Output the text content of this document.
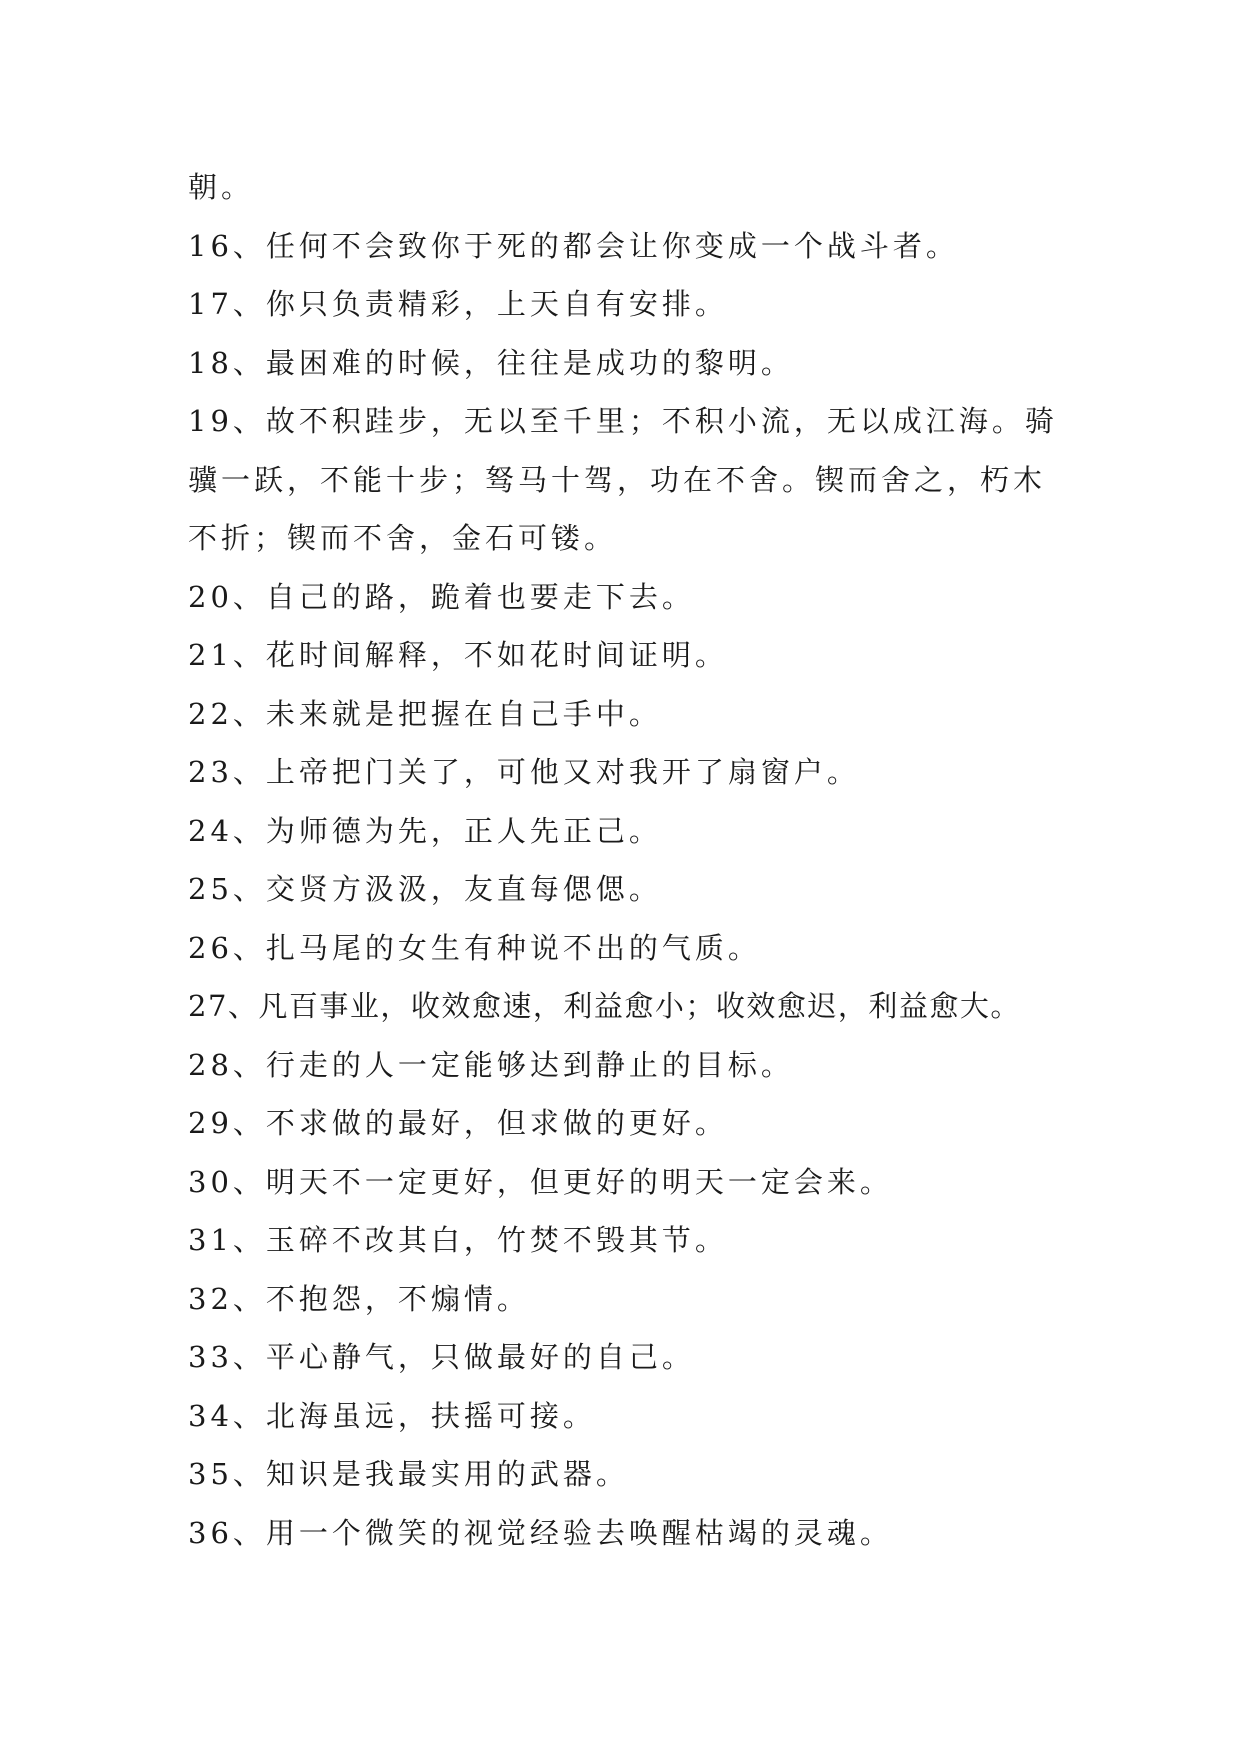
朝。
16、任何不会致你于死的都会让你变成一个战斗者。
17、你只负责精彩，上天自有安排。
18、最困难的时候，往往是成功的黎明。
19、故不积跬步，无以至千里；不积小流，无以成江海。骑
骥一跃，不能十步；驽马十驾，功在不舍。锲而舍之，朽木
不折；锲而不舍，金石可镂。
20、自己的路，跪着也要走下去。
21、花时间解释，不如花时间证明。
22、未来就是把握在自己手中。
23、上帝把门关了，可他又对我开了扇窗户。
24、为师德为先，正人先正己。
25、交贤方汲汲，友直每偲偲。
26、扎马尾的女生有种说不出的气质。
27、凡百事业，收效愈速，利益愈小；收效愈迟，利益愈大。
28、行走的人一定能够达到静止的目标。
29、不求做的最好，但求做的更好。
30、明天不一定更好，但更好的明天一定会来。
31、玉碎不改其白，竹焚不毁其节。
32、不抱怨，不煽情。
33、平心静气，只做最好的自己。
34、北海虽远，扶摇可接。
35、知识是我最实用的武器。
36、用一个微笑的视觉经验去唤醒枯竭的灵魂。
